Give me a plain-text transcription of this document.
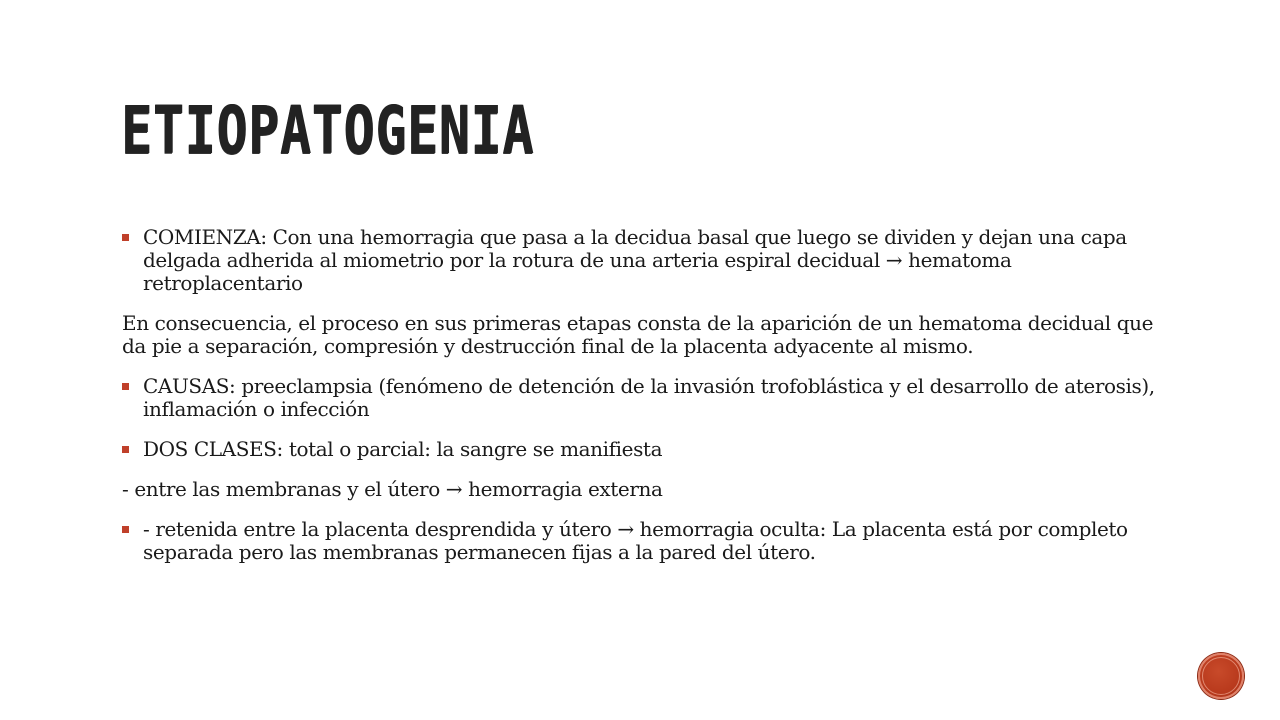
ETIOPATOGENIA

COMIENZA: Con una hemorragia que pasa a la decidua basal que luego se dividen y dejan una capa delgada adherida al miometrio por la rotura de una arteria espiral decidual → hematoma retroplacentario

En consecuencia, el proceso en sus primeras etapas consta de la aparición de un hematoma decidual que da pie a separación, compresión y destrucción final de la placenta adyacente al mismo.

CAUSAS: preeclampsia (fenómeno de detención de la invasión trofoblástica y el desarrollo de aterosis), inflamación o infección

DOS CLASES: total o parcial: la sangre se manifiesta

- entre las membranas y el útero → hemorragia externa

- retenida entre la placenta desprendida y útero → hemorragia oculta: La placenta está por completo separada pero las membranas permanecen fijas a la pared del útero.
